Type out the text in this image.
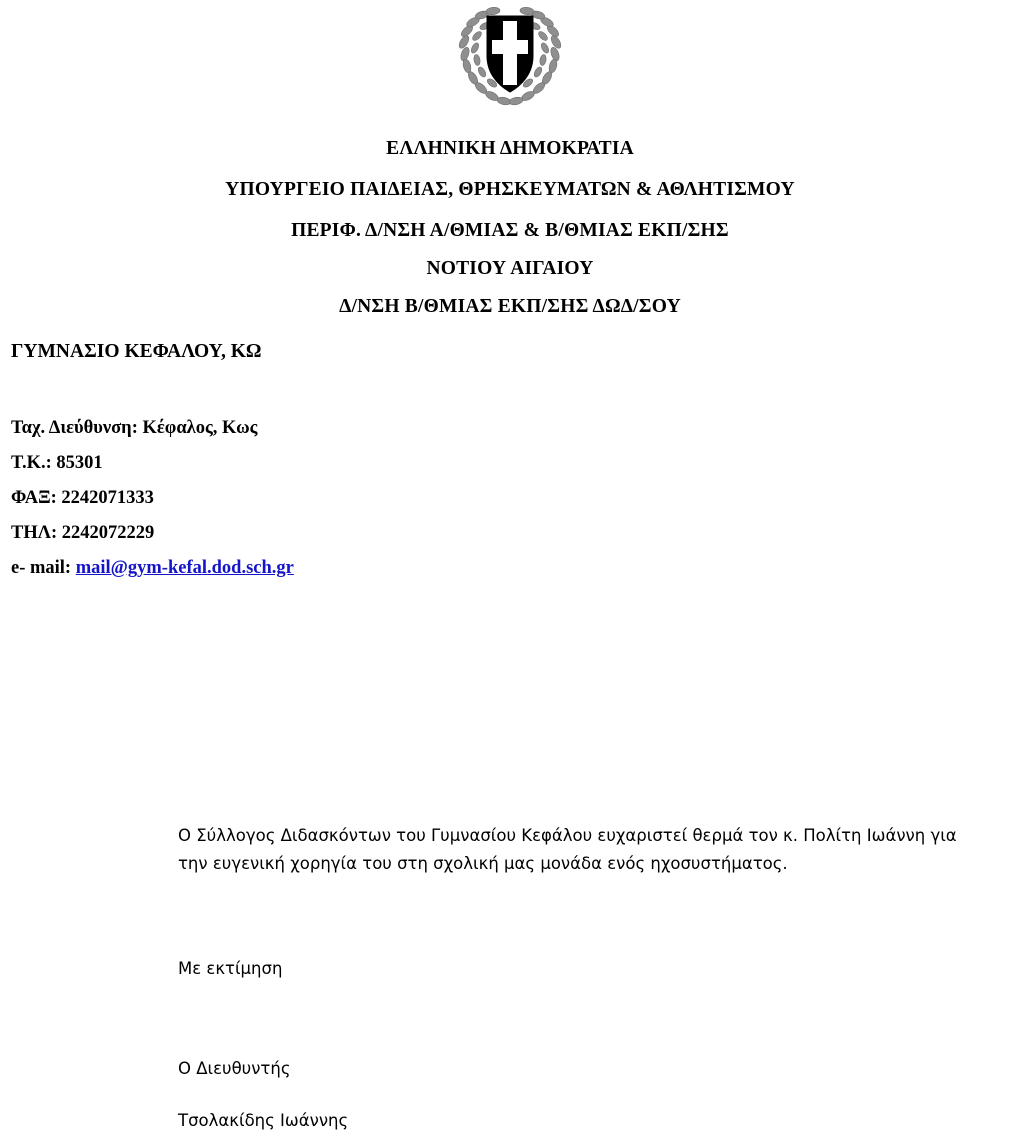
ΕΛΛΗΝΙΚΗ ΔΗΜΟΚΡΑΤΙΑ
ΥΠΟΥΡΓΕΙΟ ΠΑΙΔΕΙΑΣ, ΘΡΗΣΚΕΥΜΑΤΩΝ & ΑΘΛΗΤΙΣΜΟΥ
ΠΕΡΙΦ. Δ/ΝΣΗ Α/ΘΜΙΑΣ & Β/ΘΜΙΑΣ ΕΚΠ/ΣΗΣ
ΝΟΤΙΟΥ ΑΙΓΑΙΟΥ
Δ/ΝΣΗ Β/ΘΜΙΑΣ ΕΚΠ/ΣΗΣ ΔΩΔ/ΣΟΥ
ΓΥΜΝΑΣΙΟ ΚΕΦΑΛΟΥ, ΚΩ
Ταχ. Διεύθυνση: Κέφαλος, Κως
Τ.Κ.: 85301
ΦΑΞ: 2242071333
ΤΗΛ: 2242072229
e- mail: mail@gym-kefal.dod.sch.gr

Ο Σύλλογος Διδασκόντων του Γυμνασίου Κεφάλου ευχαριστεί θερμά τον κ. Πολίτη Ιωάννη για την ευγενική χορηγία του στη σχολική μας μονάδα ενός ηχοσυστήματος.

Με εκτίμηση
Ο Διευθυντής
Τσολακίδης Ιωάννης
